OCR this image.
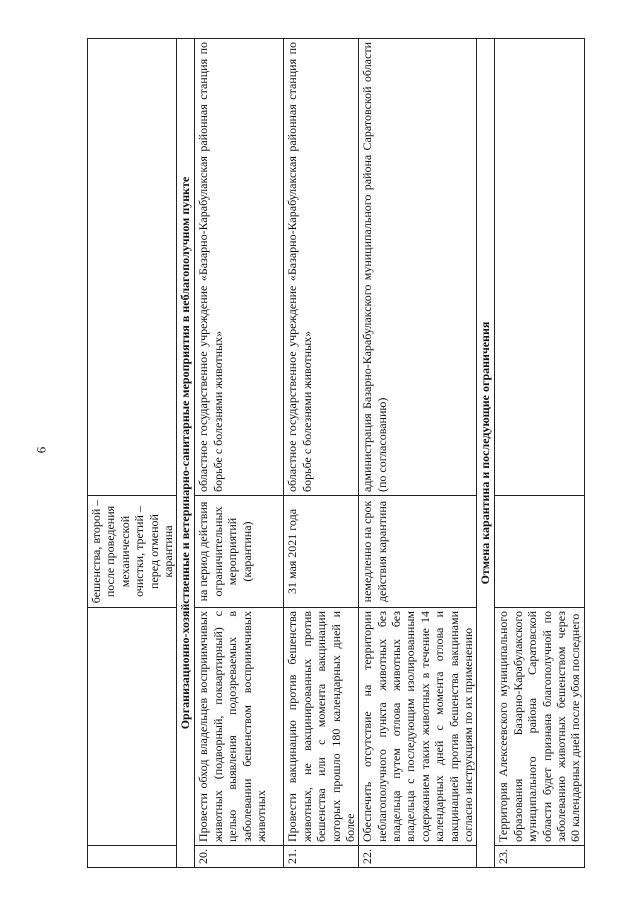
6
		бешенства, второй – после проведения механической очистки, третий – перед отменой карантина	
Организационно-хозяйственные и ветеринарно-санитарные мероприятия в неблагополучном пункте			
20.	Провести обход владельцев восприимчивых животных (подворный, поквартирный) с целью выявления подозреваемых в заболевании бешенством восприимчивых животных	на период действия ограничительных мероприятий (карантина)	областное государственное учреждение «Базарно-Карабулакская районная станция по борьбе с болезнями животных»
21.	Провести вакцинацию против бешенства животных, не вакцинированных против бешенства или с момента вакцинации которых прошло 180 календарных дней и более	31 мая 2021 года	областное государственное учреждение «Базарно-Карабулакская районная станция по борьбе с болезнями животных»
22.	Обеспечить отсутствие на территории неблагополучного пункта животных без владельца путем отлова животных без владельца с последующим изолированным содержанием таких животных в течение 14 календарных дней с момента отлова и вакцинацией против бешенства вакцинами согласно инструкциям по их применению	немедленно на срок действия карантина	администрация Базарно-Карабулакского муниципального района Саратовской области (по согласованию)
Отмена карантина и последующие ограничения			
23.	Территория Алексеевского муниципального образования Базарно-Карабулакского муниципального района Саратовской области будет признана благополучной по заболеванию животных бешенством через 60 календарных дней после убоя последнего		
